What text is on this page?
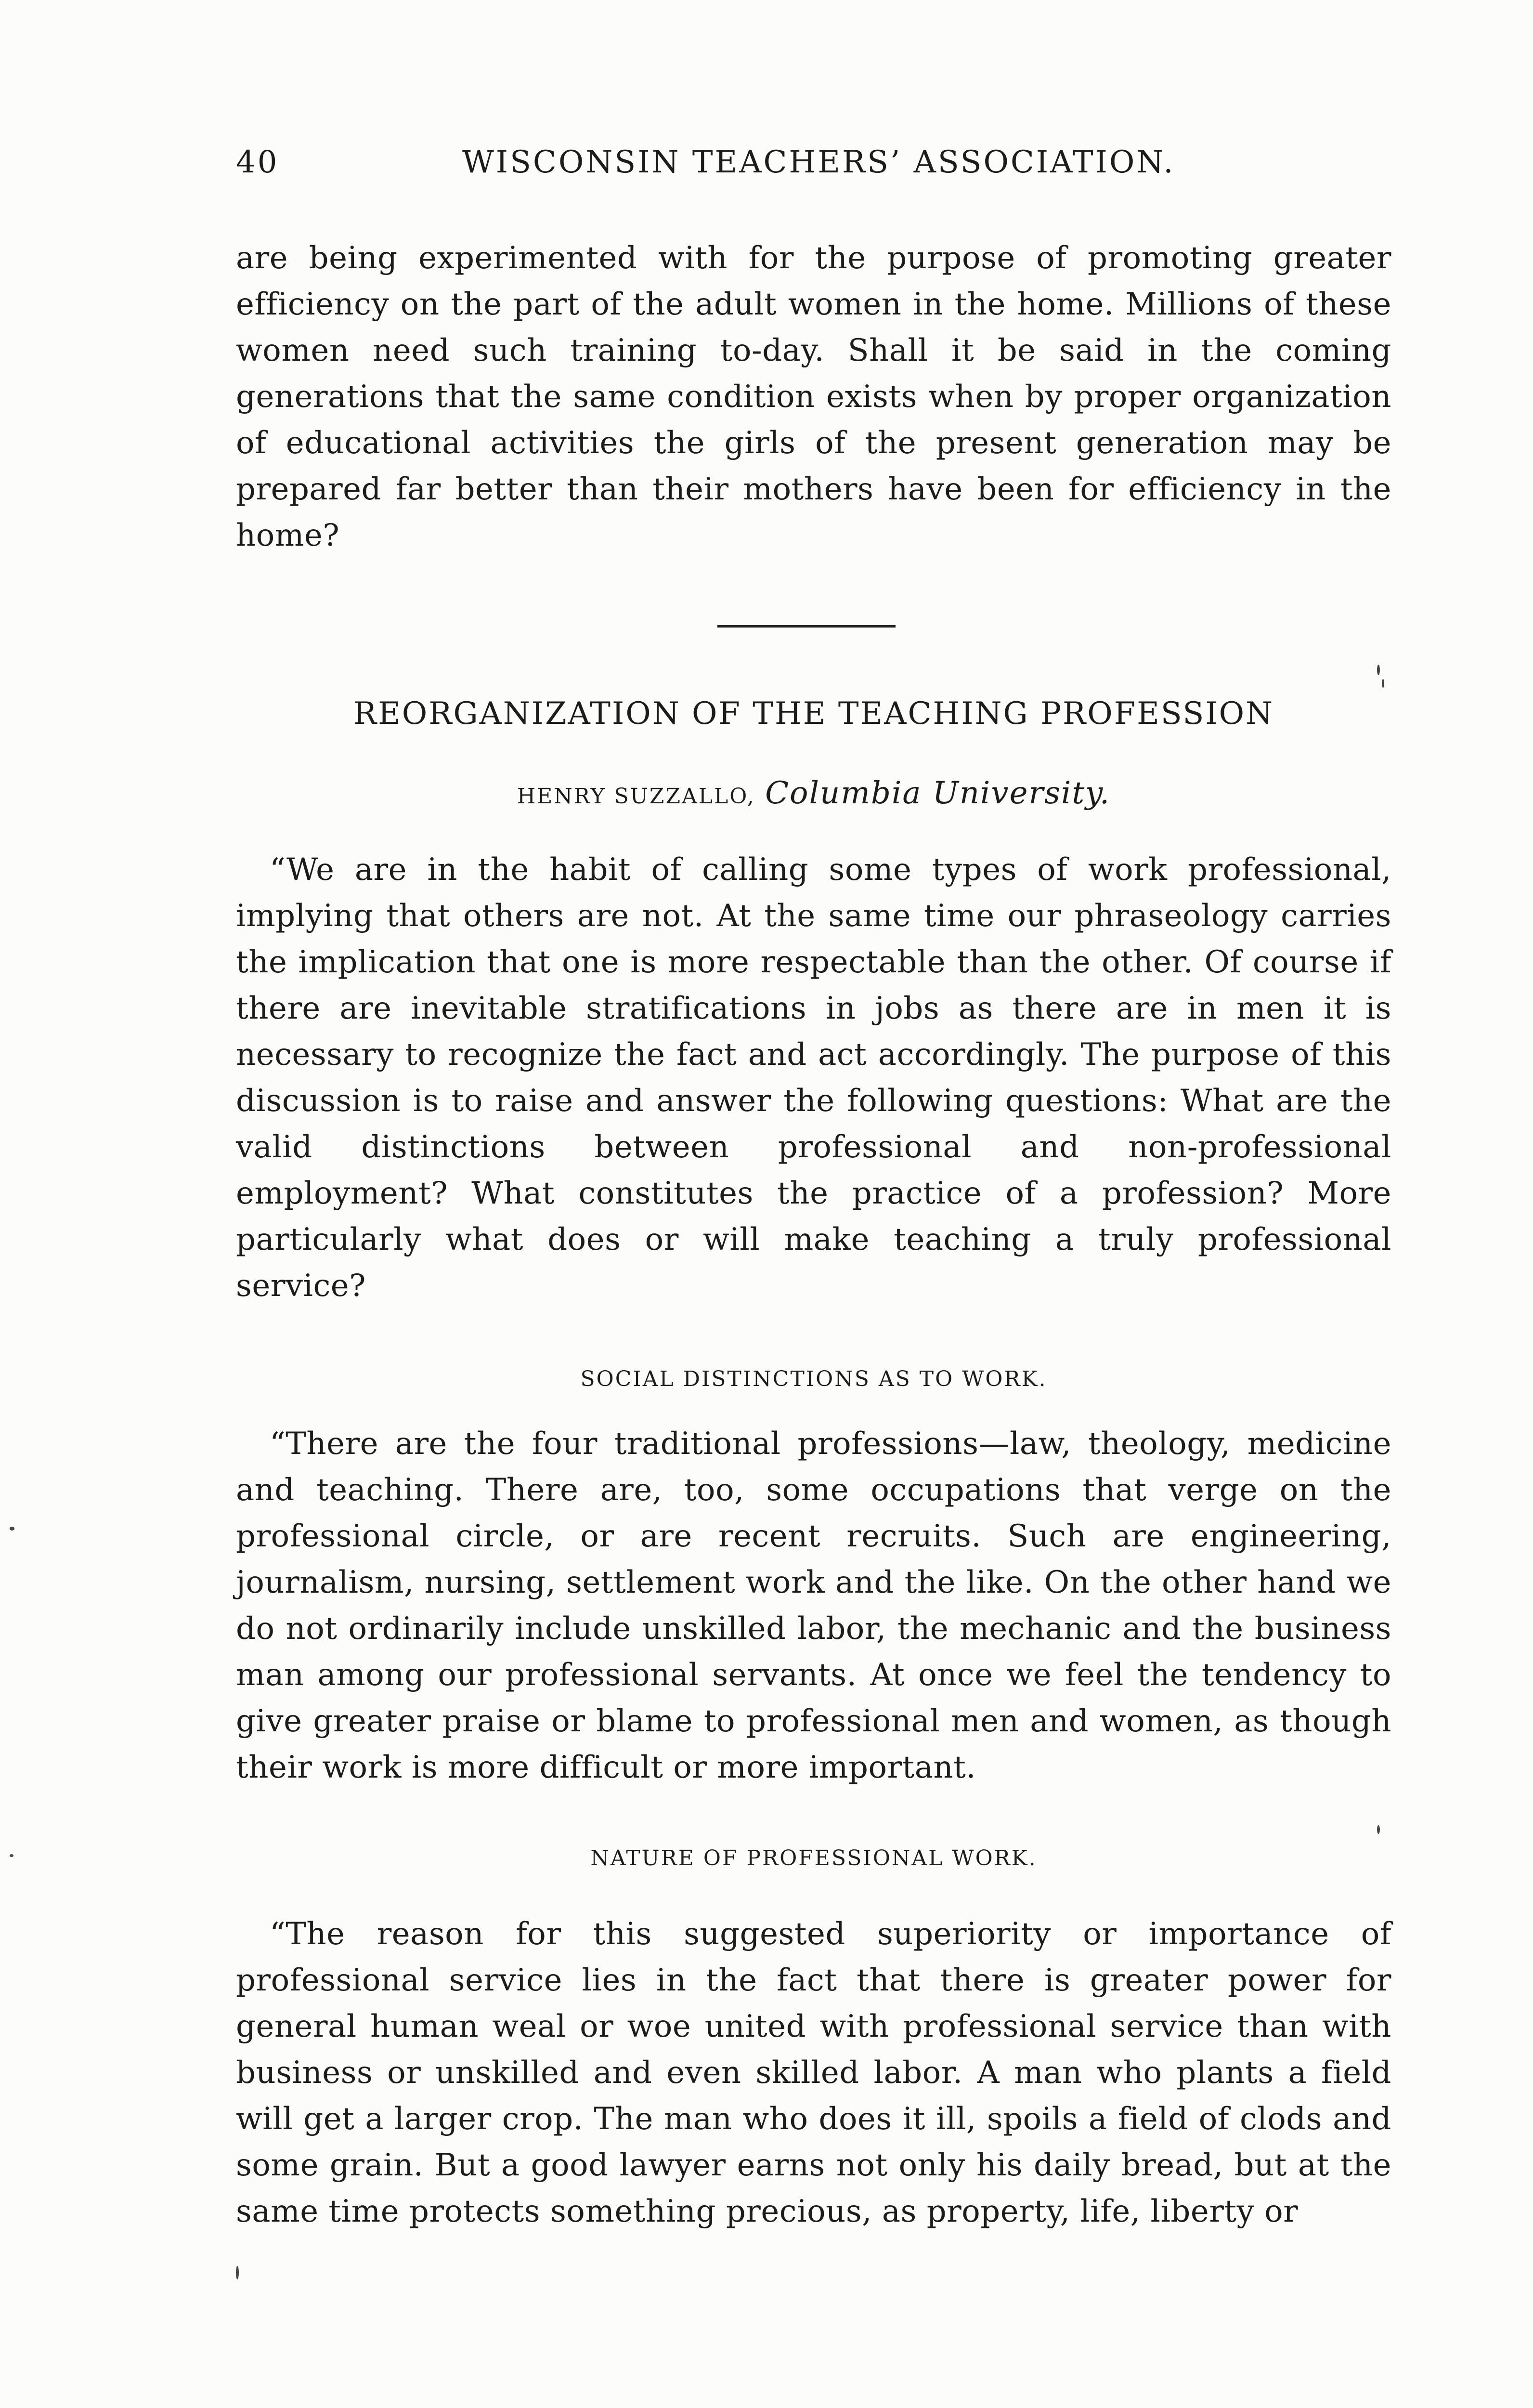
40	WISCONSIN TEACHERS’ ASSOCIATION.

are being experimented with for the purpose of promoting greater efficiency on the part of the adult women in the home. Millions of these women need such training to-day. Shall it be said in the coming generations that the same condition exists when by proper organization of educational activities the girls of the present generation may be prepared far better than their mothers have been for efficiency in the home?

REORGANIZATION OF THE TEACHING PROFESSION
HENRY SUZZALLO, Columbia University.

“We are in the habit of calling some types of work professional, implying that others are not. At the same time our phraseology carries the implication that one is more respectable than the other. Of course if there are inevitable stratifications in jobs as there are in men it is necessary to recognize the fact and act accordingly. The purpose of this discussion is to raise and answer the following questions: What are the valid distinctions between professional and non-professional employment? What constitutes the practice of a profession? More particularly what does or will make teaching a truly professional service?

SOCIAL DISTINCTIONS AS TO WORK.

“There are the four traditional professions—law, theology, medicine and teaching. There are, too, some occupations that verge on the professional circle, or are recent recruits. Such are engineering, journalism, nursing, settlement work and the like. On the other hand we do not ordinarily include unskilled labor, the mechanic and the business man among our professional servants. At once we feel the tendency to give greater praise or blame to professional men and women, as though their work is more difficult or more important.

NATURE OF PROFESSIONAL WORK.

“The reason for this suggested superiority or importance of professional service lies in the fact that there is greater power for general human weal or woe united with professional service than with business or unskilled and even skilled labor. A man who plants a field will get a larger crop. The man who does it ill, spoils a field of clods and some grain. But a good lawyer earns not only his daily bread, but at the same time protects something precious, as property, life, liberty or
